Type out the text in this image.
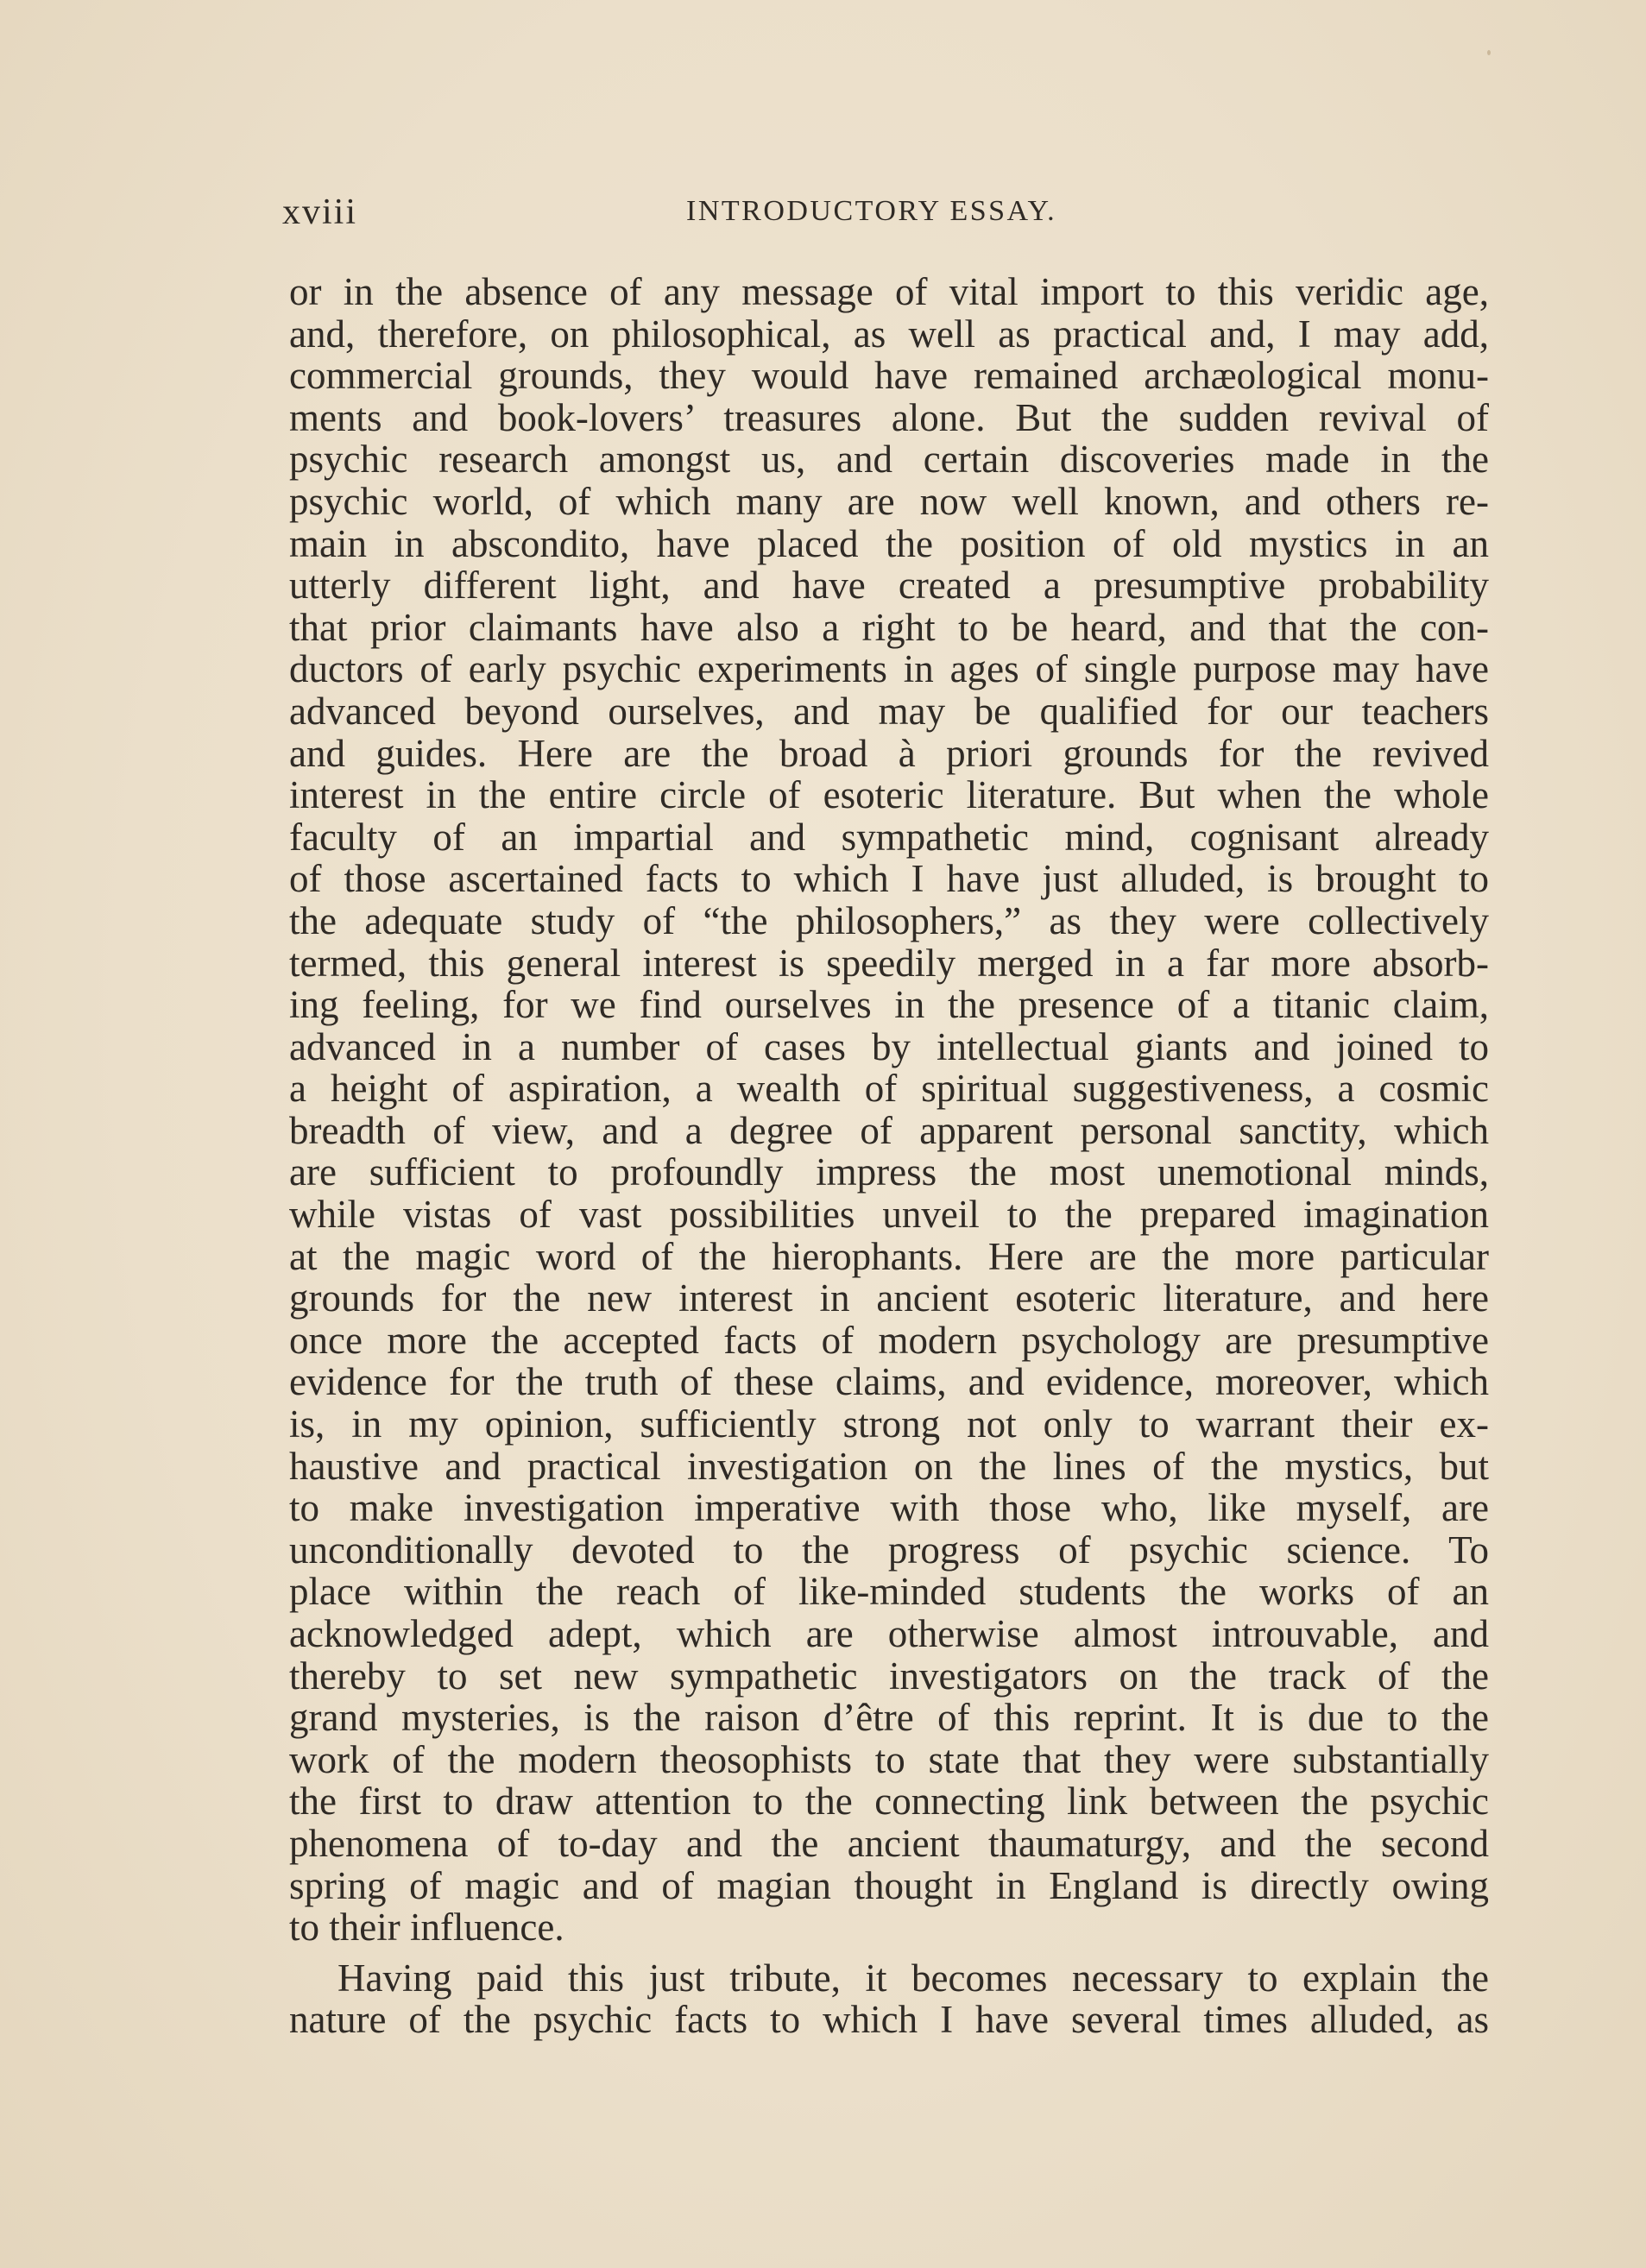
xviii	INTRODUCTORY ESSAY.
or in the absence of any message of vital import to this veridic age,
and, therefore, on philosophical, as well as practical and, I may add,
commercial grounds, they would have remained archæological monu-
ments and book-lovers’ treasures alone. But the sudden revival of
psychic research amongst us, and certain discoveries made in the
psychic world, of which many are now well known, and others re-
main in abscondito, have placed the position of old mystics in an
utterly different light, and have created a presumptive probability
that prior claimants have also a right to be heard, and that the con-
ductors of early psychic experiments in ages of single purpose may have
advanced beyond ourselves, and may be qualified for our teachers
and guides. Here are the broad à priori grounds for the revived
interest in the entire circle of esoteric literature. But when the whole
faculty of an impartial and sympathetic mind, cognisant already
of those ascertained facts to which I have just alluded, is brought to
the adequate study of “the philosophers,” as they were collectively
termed, this general interest is speedily merged in a far more absorb-
ing feeling, for we find ourselves in the presence of a titanic claim,
advanced in a number of cases by intellectual giants and joined to
a height of aspiration, a wealth of spiritual suggestiveness, a cosmic
breadth of view, and a degree of apparent personal sanctity, which
are sufficient to profoundly impress the most unemotional minds,
while vistas of vast possibilities unveil to the prepared imagination
at the magic word of the hierophants. Here are the more particular
grounds for the new interest in ancient esoteric literature, and here
once more the accepted facts of modern psychology are presumptive
evidence for the truth of these claims, and evidence, moreover, which
is, in my opinion, sufficiently strong not only to warrant their ex-
haustive and practical investigation on the lines of the mystics, but
to make investigation imperative with those who, like myself, are
unconditionally devoted to the progress of psychic science. To
place within the reach of like-minded students the works of an
acknowledged adept, which are otherwise almost introuvable, and
thereby to set new sympathetic investigators on the track of the
grand mysteries, is the raison d’être of this reprint. It is due to the
work of the modern theosophists to state that they were substantially
the first to draw attention to the connecting link between the psychic
phenomena of to-day and the ancient thaumaturgy, and the second
spring of magic and of magian thought in England is directly owing
to their influence.
Having paid this just tribute, it becomes necessary to explain the
nature of the psychic facts to which I have several times alluded, as
